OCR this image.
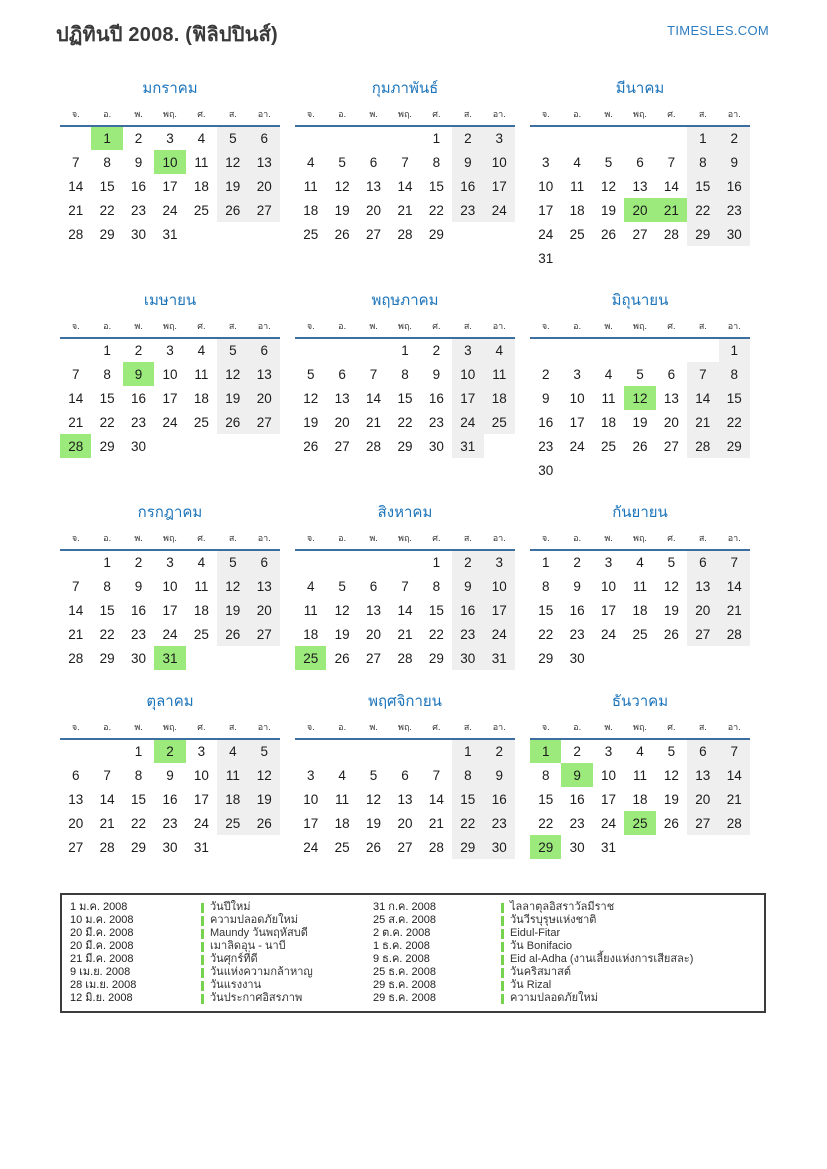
ปฏิทินปี 2008. (ฟิลิปปินส์)	TIMESLES.COM
มกราคม
จ.	อ.	พ.	พฤ.	ศ.	ส.	อา.
	1	2	3	4	5	6
7	8	9	10	11	12	13
14	15	16	17	18	19	20
21	22	23	24	25	26	27
28	29	30	31			
กุมภาพันธ์
จ.	อ.	พ.	พฤ.	ศ.	ส.	อา.
				1	2	3
4	5	6	7	8	9	10
11	12	13	14	15	16	17
18	19	20	21	22	23	24
25	26	27	28	29		
มีนาคม
จ.	อ.	พ.	พฤ.	ศ.	ส.	อา.
					1	2
3	4	5	6	7	8	9
10	11	12	13	14	15	16
17	18	19	20	21	22	23
24	25	26	27	28	29	30
31						
เมษายน
จ.	อ.	พ.	พฤ.	ศ.	ส.	อา.
	1	2	3	4	5	6
7	8	9	10	11	12	13
14	15	16	17	18	19	20
21	22	23	24	25	26	27
28	29	30				
พฤษภาคม
จ.	อ.	พ.	พฤ.	ศ.	ส.	อา.
			1	2	3	4
5	6	7	8	9	10	11
12	13	14	15	16	17	18
19	20	21	22	23	24	25
26	27	28	29	30	31	
มิถุนายน
จ.	อ.	พ.	พฤ.	ศ.	ส.	อา.
						1
2	3	4	5	6	7	8
9	10	11	12	13	14	15
16	17	18	19	20	21	22
23	24	25	26	27	28	29
30						
กรกฎาคม
จ.	อ.	พ.	พฤ.	ศ.	ส.	อา.
	1	2	3	4	5	6
7	8	9	10	11	12	13
14	15	16	17	18	19	20
21	22	23	24	25	26	27
28	29	30	31			
สิงหาคม
จ.	อ.	พ.	พฤ.	ศ.	ส.	อา.
				1	2	3
4	5	6	7	8	9	10
11	12	13	14	15	16	17
18	19	20	21	22	23	24
25	26	27	28	29	30	31
กันยายน
จ.	อ.	พ.	พฤ.	ศ.	ส.	อา.
1	2	3	4	5	6	7
8	9	10	11	12	13	14
15	16	17	18	19	20	21
22	23	24	25	26	27	28
29	30					
ตุลาคม
จ.	อ.	พ.	พฤ.	ศ.	ส.	อา.
		1	2	3	4	5
6	7	8	9	10	11	12
13	14	15	16	17	18	19
20	21	22	23	24	25	26
27	28	29	30	31		
พฤศจิกายน
จ.	อ.	พ.	พฤ.	ศ.	ส.	อา.
					1	2
3	4	5	6	7	8	9
10	11	12	13	14	15	16
17	18	19	20	21	22	23
24	25	26	27	28	29	30
ธันวาคม
จ.	อ.	พ.	พฤ.	ศ.	ส.	อา.
1	2	3	4	5	6	7
8	9	10	11	12	13	14
15	16	17	18	19	20	21
22	23	24	25	26	27	28
29	30	31				
1 ม.ค. 2008	วันปีใหม่	31 ก.ค. 2008	ไลลาตุลอิสราวัลมีราช
10 ม.ค. 2008	ความปลอดภัยใหม่	25 ส.ค. 2008	วันวีรบุรุษแห่งชาติ
20 มี.ค. 2008	Maundy วันพฤหัสบดี	2 ต.ค. 2008	Eidul-Fitar
20 มี.ค. 2008	เมาลิดอุน - นาบี	1 ธ.ค. 2008	วัน Bonifacio
21 มี.ค. 2008	วันศุกร์ที่ดี	9 ธ.ค. 2008	Eid al-Adha (งานเลี้ยงแห่งการเสียสละ)
9 เม.ย. 2008	วันแห่งความกล้าหาญ	25 ธ.ค. 2008	วันคริสมาสต์
28 เม.ย. 2008	วันแรงงาน	29 ธ.ค. 2008	วัน Rizal
12 มิ.ย. 2008	วันประกาศอิสรภาพ	29 ธ.ค. 2008	ความปลอดภัยใหม่
